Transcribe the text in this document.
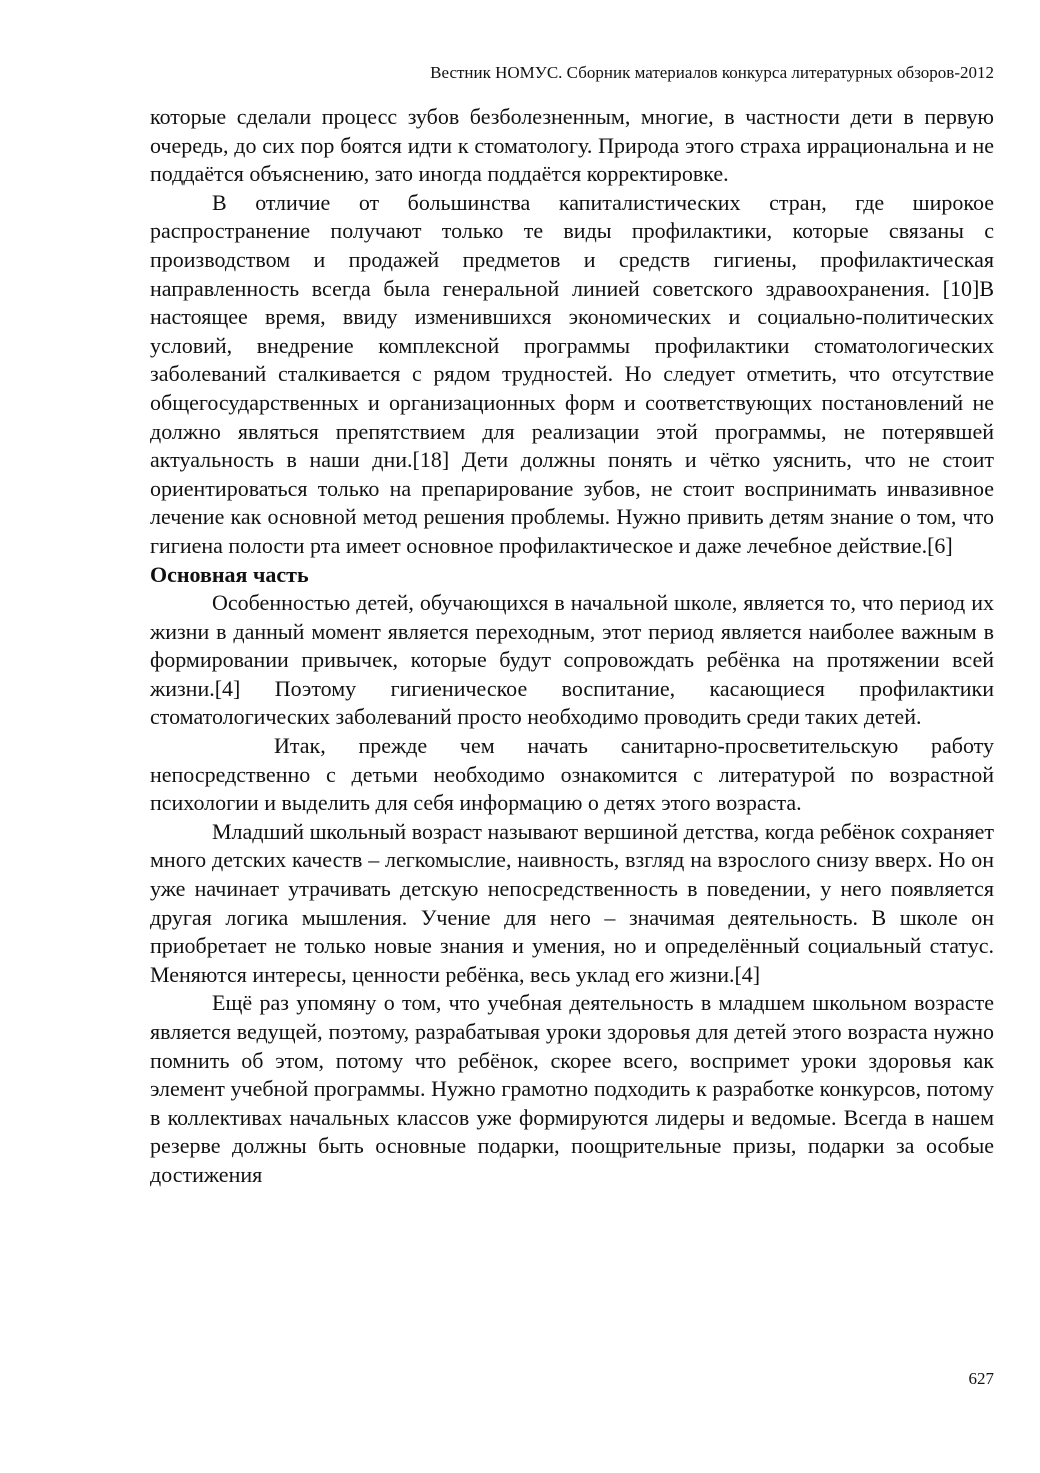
Вестник НОМУС. Сборник материалов конкурса литературных обзоров-2012

которые сделали процесс зубов безболезненным, многие, в частности дети в первую очередь, до сих пор боятся идти к стоматологу. Природа этого страха иррациональна и не поддаётся объяснению, зато иногда поддаётся корректировке.

В отличие от большинства капиталистических стран, где широкое распространение получают только те виды профилактики, которые связаны с производством и продажей предметов и средств гигиены, профилактическая направленность всегда была генеральной линией советского здравоохранения. [10]В настоящее время, ввиду изменившихся экономических и социально-политических условий, внедрение комплексной программы профилактики стоматологических заболеваний сталкивается с рядом трудностей. Но следует отметить, что отсутствие общегосударственных и организационных форм и соответствующих постановлений не должно являться препятствием для реализации этой программы, не потерявшей актуальность в наши дни.[18] Дети должны понять и чётко уяснить, что не стоит ориентироваться только на препарирование зубов, не стоит воспринимать инвазивное лечение как основной метод решения проблемы. Нужно привить детям знание о том, что гигиена полости рта имеет основное профилактическое и даже лечебное действие.[6]

Основная часть

Особенностью детей, обучающихся в начальной школе, является то, что период их жизни в данный момент является переходным, этот период является наиболее важным в формировании привычек, которые будут сопровождать ребёнка на протяжении всей жизни.[4] Поэтому гигиеническое воспитание, касающиеся профилактики стоматологических заболеваний просто необходимо проводить среди таких детей.

Итак, прежде чем начать санитарно-просветительскую работу непосредственно с детьми необходимо ознакомится с литературой по возрастной психологии и выделить для себя информацию о детях этого возраста.

Младший школьный возраст называют вершиной детства, когда ребёнок сохраняет много детских качеств – легкомыслие, наивность, взгляд на взрослого снизу вверх. Но он уже начинает утрачивать детскую непосредственность в поведении, у него появляется другая логика мышления. Учение для него – значимая деятельность. В школе он приобретает не только новые знания и умения, но и определённый социальный статус. Меняются интересы, ценности ребёнка, весь уклад его жизни.[4]

Ещё раз упомяну о том, что учебная деятельность в младшем школьном возрасте является ведущей, поэтому, разрабатывая уроки здоровья для детей этого возраста нужно помнить об этом, потому что ребёнок, скорее всего, воспримет уроки здоровья как элемент учебной программы. Нужно грамотно подходить к разработке конкурсов, потому в коллективах начальных классов уже формируются лидеры и ведомые. Всегда в нашем резерве должны быть основные подарки, поощрительные призы, подарки за особые достижения

627
